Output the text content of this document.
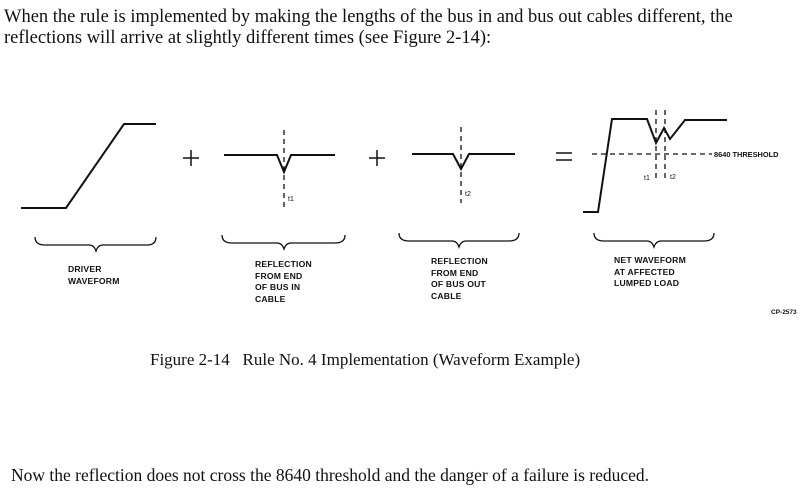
When the rule is implemented by making the lengths of the bus in and bus out cables different, the reflections will arrive at slightly different times (see Figure 2-14):
t1
t2
t1	t2
8640 THRESHOLD
DRIVER
WAVEFORM
REFLECTION
FROM END
OF BUS IN
CABLE
REFLECTION
FROM END
OF BUS OUT
CABLE
NET WAVEFORM
AT AFFECTED
LUMPED LOAD
CP-2573
Figure 2-14   Rule No. 4 Implementation (Waveform Example)
Now the reflection does not cross the 8640 threshold and the danger of a failure is reduced.
